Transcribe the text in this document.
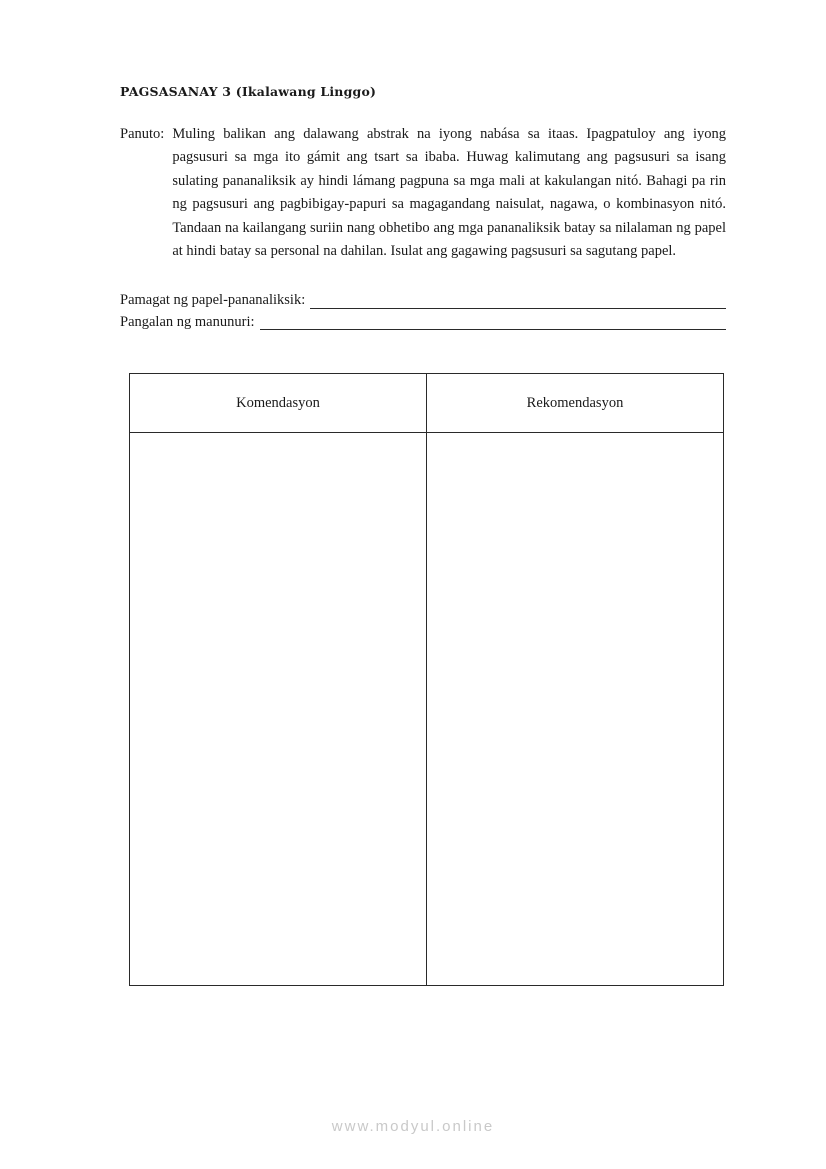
PAGSASANAY 3 (Ikalawang Linggo)
Panuto: Muling balikan ang dalawang abstrak na iyong nabása sa itaas. Ipagpatuloy ang iyong pagsusuri sa mga ito gámit ang tsart sa ibaba. Huwag kalimutang ang pagsusuri sa isang sulating pananaliksik ay hindi lámang pagpuna sa mga mali at kakulangan nitó. Bahagi pa rin ng pagsusuri ang pagbibigay-papuri sa magagandang naisulat, nagawa, o kombinasyon nitó. Tandaan na kailangang suriin nang obhetibo ang mga pananaliksik batay sa nilalaman ng papel at hindi batay sa personal na dahilan. Isulat ang gagawing pagsusuri sa sagutang papel.
Pamagat ng papel-pananaliksik:
Pangalan ng manunuri:
Komendasyon	Rekomendasyon

www.modyul.online
